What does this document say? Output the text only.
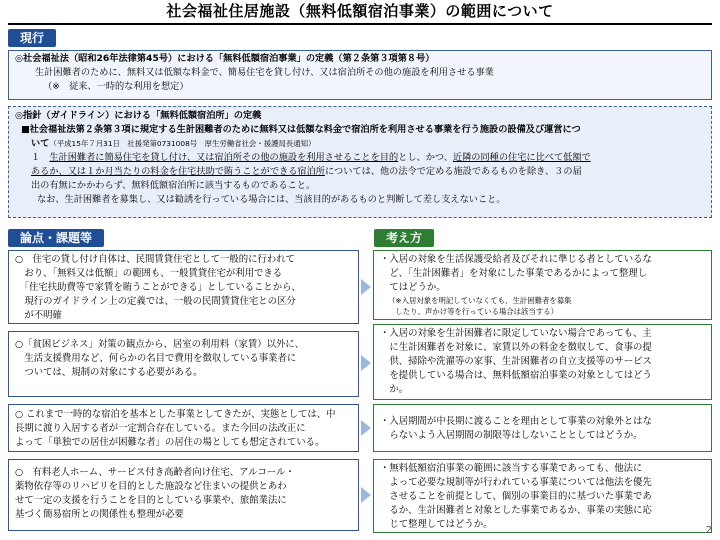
社会福祉住居施設（無料低額宿泊事業）の範囲について
現行

◎社会福祉法（昭和26年法律第45号）における「無料低額宿泊事業」の定義（第２条第３項第８号）

生計困難者のために、無料又は低額な料金で、簡易住宅を貸し付け、又は宿泊所その他の施設を利用させる事業

（※　従来、一時的な利用を想定）

◎指針（ガイドライン）における「無料低額宿泊所」の定義

■社会福祉法第２条第３項に規定する生計困難者のために無料又は低額な料金で宿泊所を利用させる事業を行う施設の設備及び運営につ

いて（平成15年７月31日　社援発第0731008号　厚生労働省社会・援護局長通知）

１　生計困難者に簡易住宅を貸し付け、又は宿泊所その他の施設を利用させることを目的とし、かつ、近隣の同種の住宅に比べて低額で

あるか、又は１か月当たりの料金を住宅扶助で賄うことができる宿泊所については、他の法令で定める施設であるものを除き、３の届

出の有無にかかわらず、無料低額宿泊所に該当するものであること。

なお、生計困難者を募集し、又は勧誘を行っている場合には、当該目的があるものと判断して差し支えないこと。

論点・課題等	考え方

○　住宅の貸し付け自体は、民間賃貸住宅として一般的に行われて

　おり、「無料又は低額」の範囲も、一般賃貸住宅が利用できる

　「住宅扶助費等で家賃を賄うことができる」としていることから、

　現行のガイドライン上の定義では、一般の民間賃貸住宅との区分

　が不明確

・入居の対象を生活保護受給者及びそれに準じる者としているな

　ど、「生計困難者」を対象にした事業であるかによって整理し

　てはどうか。

（※入居対象を明記していなくても、生計困難者を募集

　したり、声かけ等を行っている場合は該当する）

○「貧困ビジネス」対策の観点から、居室の利用料（家賃）以外に、

　生活支援費用など、何らかの名目で費用を徴収している事業者に

　ついては、規制の対象にする必要がある。

・入居の対象を生計困難者に限定していない場合であっても、主

　に生計困難者を対象に、家賃以外の料金を徴収して、食事の提

　供、掃除や洗濯等の家事、生計困難者の自立支援等のサービス

　を提供している場合は、無料低額宿泊事業の対象としてはどう

　か。

○ これまで一時的な宿泊を基本とした事業としてきたが、実態としては、中

長期に渡り入居する者が一定割合存在している。また今回の法改正に

よって「単独での居住が困難な者」の居住の場としても想定されている。

・入居期間が中長期に渡ることを理由として事業の対象外とはな

　らないよう入居期間の制限等はしないこととしてはどうか。

○　有料老人ホーム、サービス付き高齢者向け住宅、アルコール・

薬物依存等のリハビリを目的とした施設など住まいの提供とあわ

せて一定の支援を行うことを目的としている事業や、旅館業法に

基づく簡易宿所との関係性も整理が必要

・無料低額宿泊事業の範囲に該当する事業であっても、他法に

　よって必要な規制等が行われている事業については他法を優先

　させることを前提として、個別の事業目的に基づいた事業であ

　るか、生計困難者と対象とした事業であるか、事業の実態に応

　じて整理してはどうか。

2
